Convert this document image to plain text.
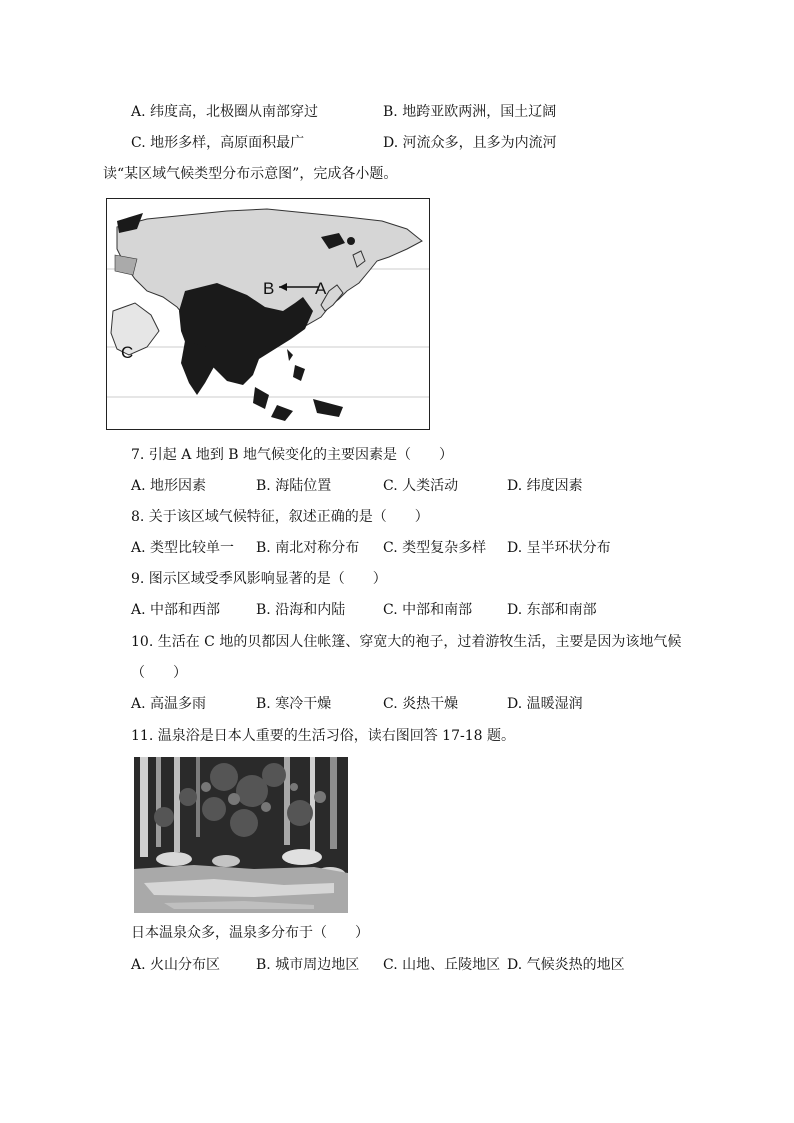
A. 纬度高，北极圈从南部穿过	B. 地跨亚欧两洲，国土辽阔
C. 地形多样，高原面积最广	D. 河流众多，且多为内流河
读“某区域气候类型分布示意图”，完成各小题。
B A
C
7. 引起 A 地到 B 地气候变化的主要因素是（　　）
A. 地形因素	B. 海陆位置	C. 人类活动	D. 纬度因素
8. 关于该区域气候特征，叙述正确的是（　　）
A. 类型比较单一 B. 南北对称分布 C. 类型复杂多样 D. 呈半环状分布
9. 图示区域受季风影响显著的是（　　）
A. 中部和西部	B. 沿海和内陆	C. 中部和南部 D. 东部和南部
10. 生活在 C 地的贝都因人住帐篷、穿宽大的袍子，过着游牧生活，主要是因为该地气候
（　　）
A. 高温多雨	B. 寒冷干燥	C. 炎热干燥	D. 温暖湿润
11. 温泉浴是日本人重要的生活习俗，读右图回答 17-18 题。
日本温泉众多，温泉多分布于（　　）
A. 火山分布区	B. 城市周边地区 C. 山地、丘陵地区 D. 气候炎热的地区
